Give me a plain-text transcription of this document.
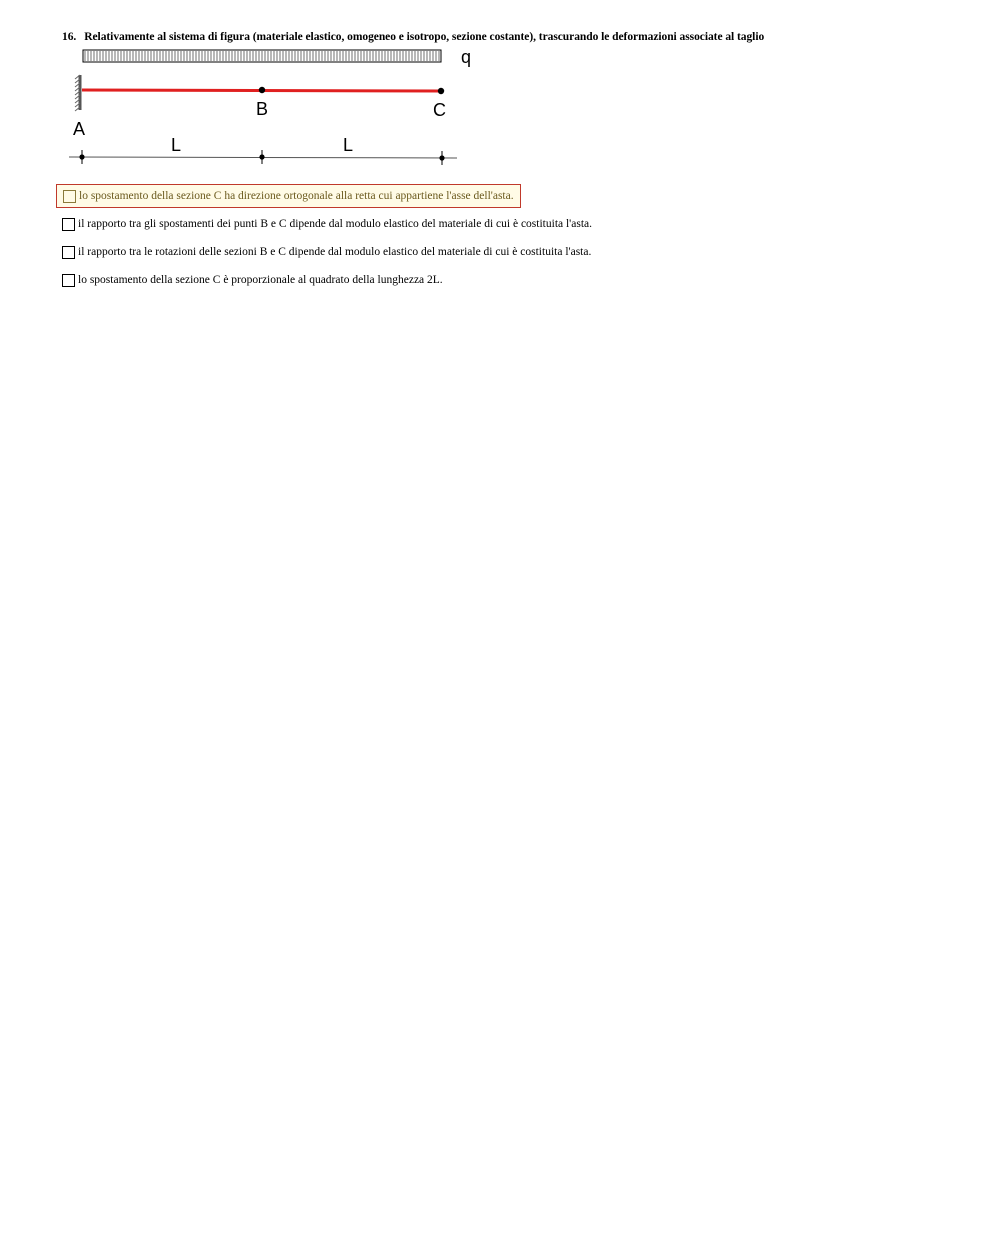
16. Relativamente al sistema di figura (materiale elastico, omogeneo e isotropo, sezione costante), trascurando le deformazioni associate al taglio
q
B	C
A
L	L
lo spostamento della sezione C ha direzione ortogonale alla retta cui appartiene l'asse dell'asta.
il rapporto tra gli spostamenti dei punti B e C dipende dal modulo elastico del materiale di cui è costituita l'asta.
il rapporto tra le rotazioni delle sezioni B e C dipende dal modulo elastico del materiale di cui è costituita l'asta.
lo spostamento della sezione C è proporzionale al quadrato della lunghezza 2L.
